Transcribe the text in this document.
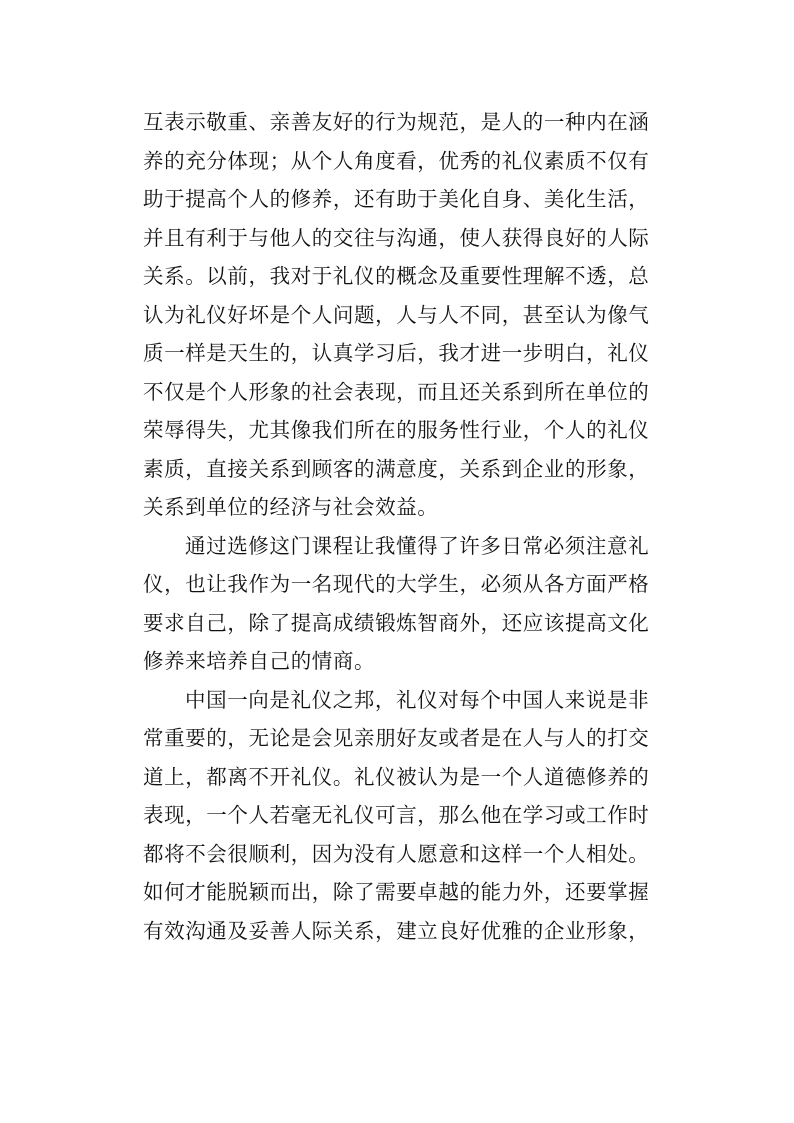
互表示敬重、亲善友好的行为规范，是人的一种内在涵
养的充分体现；从个人角度看，优秀的礼仪素质不仅有
助于提高个人的修养，还有助于美化自身、美化生活，
并且有利于与他人的交往与沟通，使人获得良好的人际
关系。以前，我对于礼仪的概念及重要性理解不透，总
认为礼仪好坏是个人问题，人与人不同，甚至认为像气
质一样是天生的，认真学习后，我才进一步明白，礼仪
不仅是个人形象的社会表现，而且还关系到所在单位的
荣辱得失，尤其像我们所在的服务性行业，个人的礼仪
素质，直接关系到顾客的满意度，关系到企业的形象，
关系到单位的经济与社会效益。
通过选修这门课程让我懂得了许多日常必须注意礼
仪，也让我作为一名现代的大学生，必须从各方面严格
要求自己，除了提高成绩锻炼智商外，还应该提高文化
修养来培养自己的情商。
中国一向是礼仪之邦，礼仪对每个中国人来说是非
常重要的，无论是会见亲朋好友或者是在人与人的打交
道上，都离不开礼仪。礼仪被认为是一个人道德修养的
表现，一个人若毫无礼仪可言，那么他在学习或工作时
都将不会很顺利，因为没有人愿意和这样一个人相处。
如何才能脱颖而出，除了需要卓越的能力外，还要掌握
有效沟通及妥善人际关系，建立良好优雅的企业形象，
